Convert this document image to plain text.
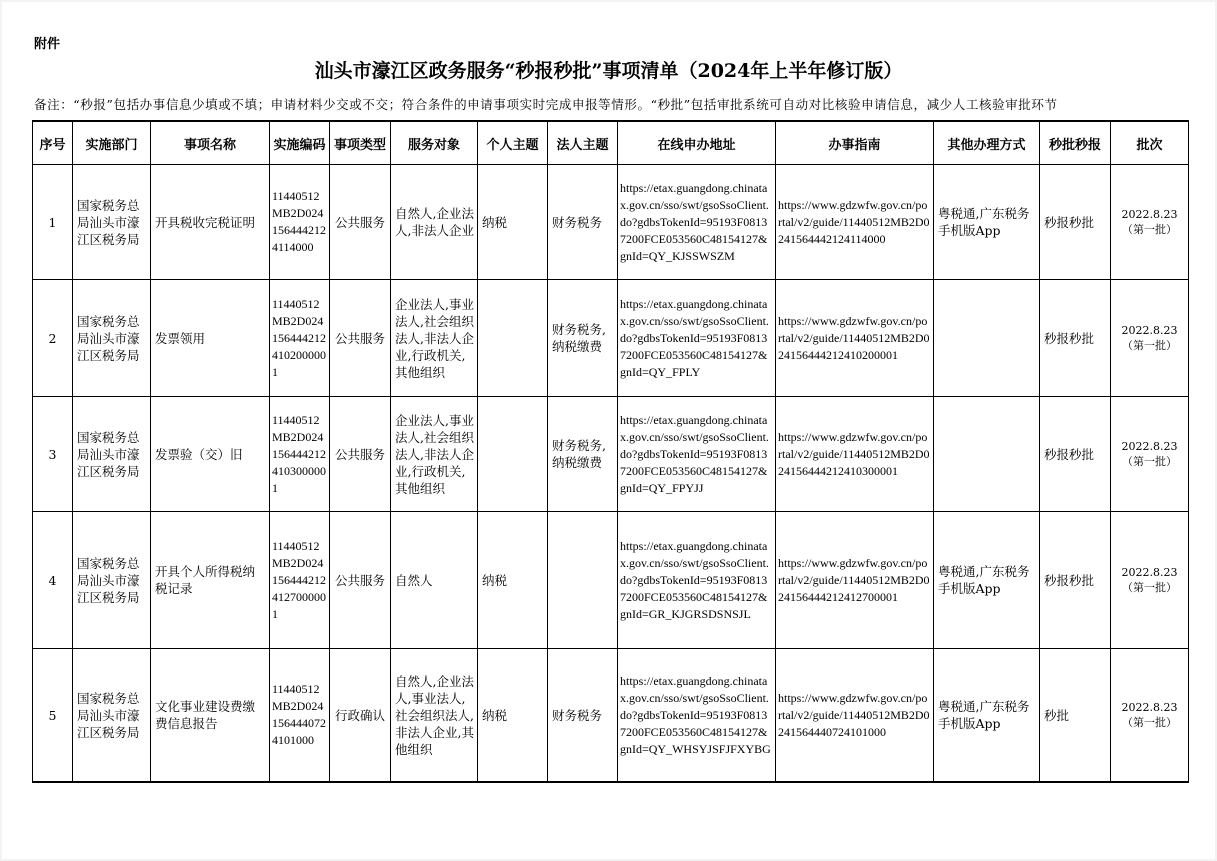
附件
汕头市濠江区政务服务“秒报秒批”事项清单（2024年上半年修订版）
备注：“秒报”包括办事信息少填或不填；申请材料少交或不交；符合条件的申请事项实时完成申报等情形。“秒批”包括审批系统可自动对比核验申请信息，减少人工核验审批环节
序号	实施部门	事项名称	实施编码	事项类型	服务对象	个人主题	法人主题	在线申办地址	办事指南	其他办理方式	秒批秒报	批次
1	国家税务总局汕头市濠江区税务局	开具税收完税证明	11440512MB2D0241564442124114000	公共服务	自然人,企业法人,非法人企业	纳税	财务税务	https://etax.guangdong.chinatax.gov.cn/sso/swt/gsoSsoClient.do?gdbsTokenId=95193F08137200FCE053560C48154127&gnId=QY_KJSSWSZM	https://www.gdzwfw.gov.cn/portal/v2/guide/11440512MB2D0241564442124114000	粤税通,广东税务手机版App	秒报秒批	2022.8.23
（第一批）

2	国家税务总局汕头市濠江区税务局	发票领用	11440512MB2D0241564442124102000001	公共服务	企业法人,事业法人,社会组织法人,非法人企业,行政机关,其他组织		财务税务,纳税缴费	https://etax.guangdong.chinatax.gov.cn/sso/swt/gsoSsoClient.do?gdbsTokenId=95193F08137200FCE053560C48154127&gnId=QY_FPLY	https://www.gdzwfw.gov.cn/portal/v2/guide/11440512MB2D024156444212410200001		秒报秒批	2022.8.23
（第一批）

3	国家税务总局汕头市濠江区税务局	发票验（交）旧	11440512MB2D0241564442124103000001	公共服务	企业法人,事业法人,社会组织法人,非法人企业,行政机关,其他组织		财务税务,纳税缴费	https://etax.guangdong.chinatax.gov.cn/sso/swt/gsoSsoClient.do?gdbsTokenId=95193F08137200FCE053560C48154127&gnId=QY_FPYJJ	https://www.gdzwfw.gov.cn/portal/v2/guide/11440512MB2D024156444212410300001		秒报秒批	2022.8.23
（第一批）

4	国家税务总局汕头市濠江区税务局	开具个人所得税纳税记录	11440512MB2D0241564442124127000001	公共服务	自然人	纳税		https://etax.guangdong.chinatax.gov.cn/sso/swt/gsoSsoClient.do?gdbsTokenId=95193F08137200FCE053560C48154127&gnId=GR_KJGRSDSNSJL	https://www.gdzwfw.gov.cn/portal/v2/guide/11440512MB2D024156444212412700001	粤税通,广东税务手机版App	秒报秒批	2022.8.23
（第一批）

5	国家税务总局汕头市濠江区税务局	文化事业建设费缴费信息报告	11440512MB2D0241564440724101000	行政确认	自然人,企业法人,事业法人,社会组织法人,非法人企业,其他组织	纳税	财务税务	https://etax.guangdong.chinatax.gov.cn/sso/swt/gsoSsoClient.do?gdbsTokenId=95193F08137200FCE053560C48154127&gnId=QY_WHSYJSFJFXYBG	https://www.gdzwfw.gov.cn/portal/v2/guide/11440512MB2D0241564440724101000	粤税通,广东税务手机版App	秒批	2022.8.23
（第一批）
